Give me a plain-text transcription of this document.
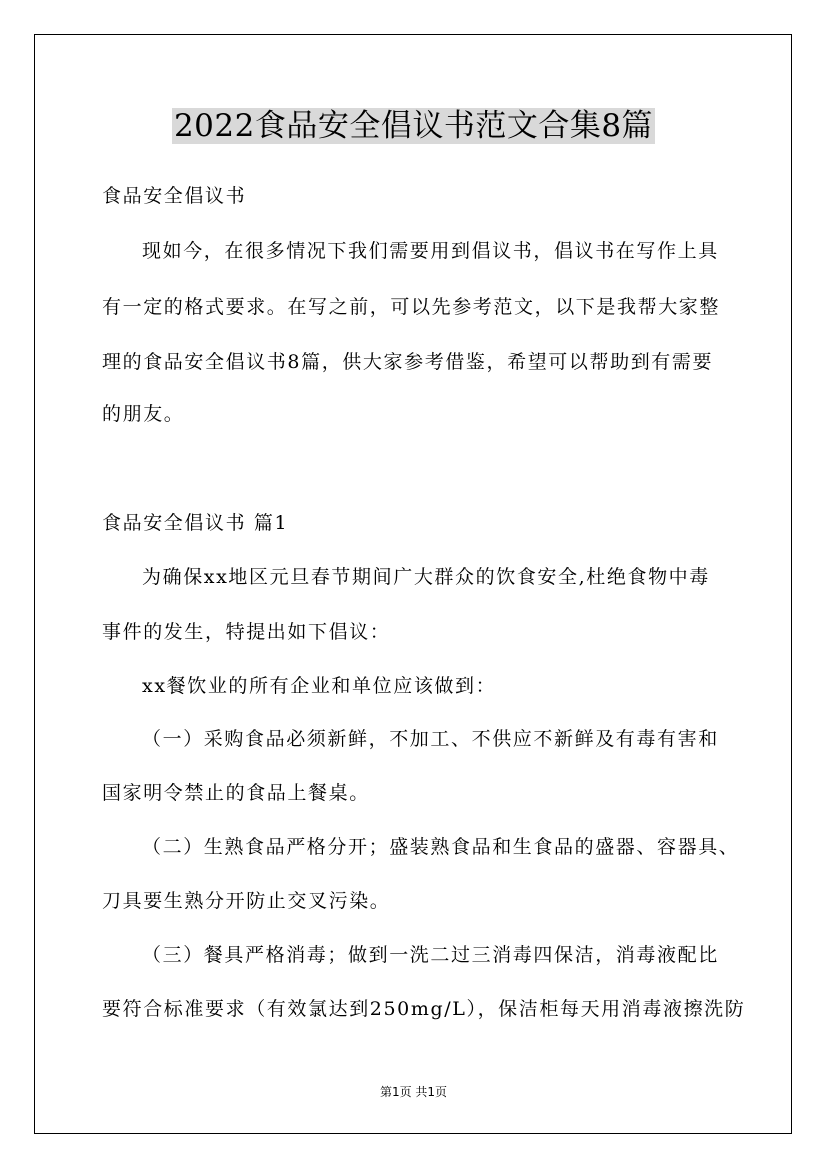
2022食品安全倡议书范文合集8篇
食品安全倡议书
现如今，在很多情况下我们需要用到倡议书，倡议书在写作上具
有一定的格式要求。在写之前，可以先参考范文，以下是我帮大家整
理的食品安全倡议书8篇，供大家参考借鉴，希望可以帮助到有需要
的朋友。
食品安全倡议书 篇1
为确保xx地区元旦春节期间广大群众的饮食安全,杜绝食物中毒
事件的发生，特提出如下倡议：
xx餐饮业的所有企业和单位应该做到：
（一）采购食品必须新鲜，不加工、不供应不新鲜及有毒有害和
国家明令禁止的食品上餐桌。
（二）生熟食品严格分开；盛装熟食品和生食品的盛器、容器具、
刀具要生熟分开防止交叉污染。
（三）餐具严格消毒；做到一洗二过三消毒四保洁，消毒液配比
要符合标准要求（有效氯达到250mg/L），保洁柜每天用消毒液擦洗防
第1页 共1页
